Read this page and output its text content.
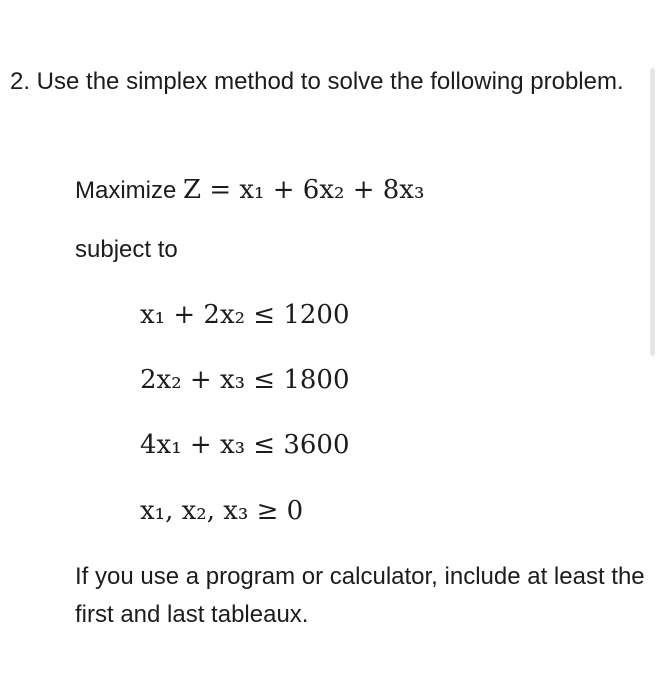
2. Use the simplex method to solve the following problem.

Maximize Z = x₁ + 6x₂ + 8x₃
subject to
x₁ + 2x₂ ≤ 1200
2x₂ + x₃ ≤ 1800
4x₁ + x₃ ≤ 3600
x₁, x₂, x₃ ≥ 0
If you use a program or calculator, include at least the first and last tableaux.
